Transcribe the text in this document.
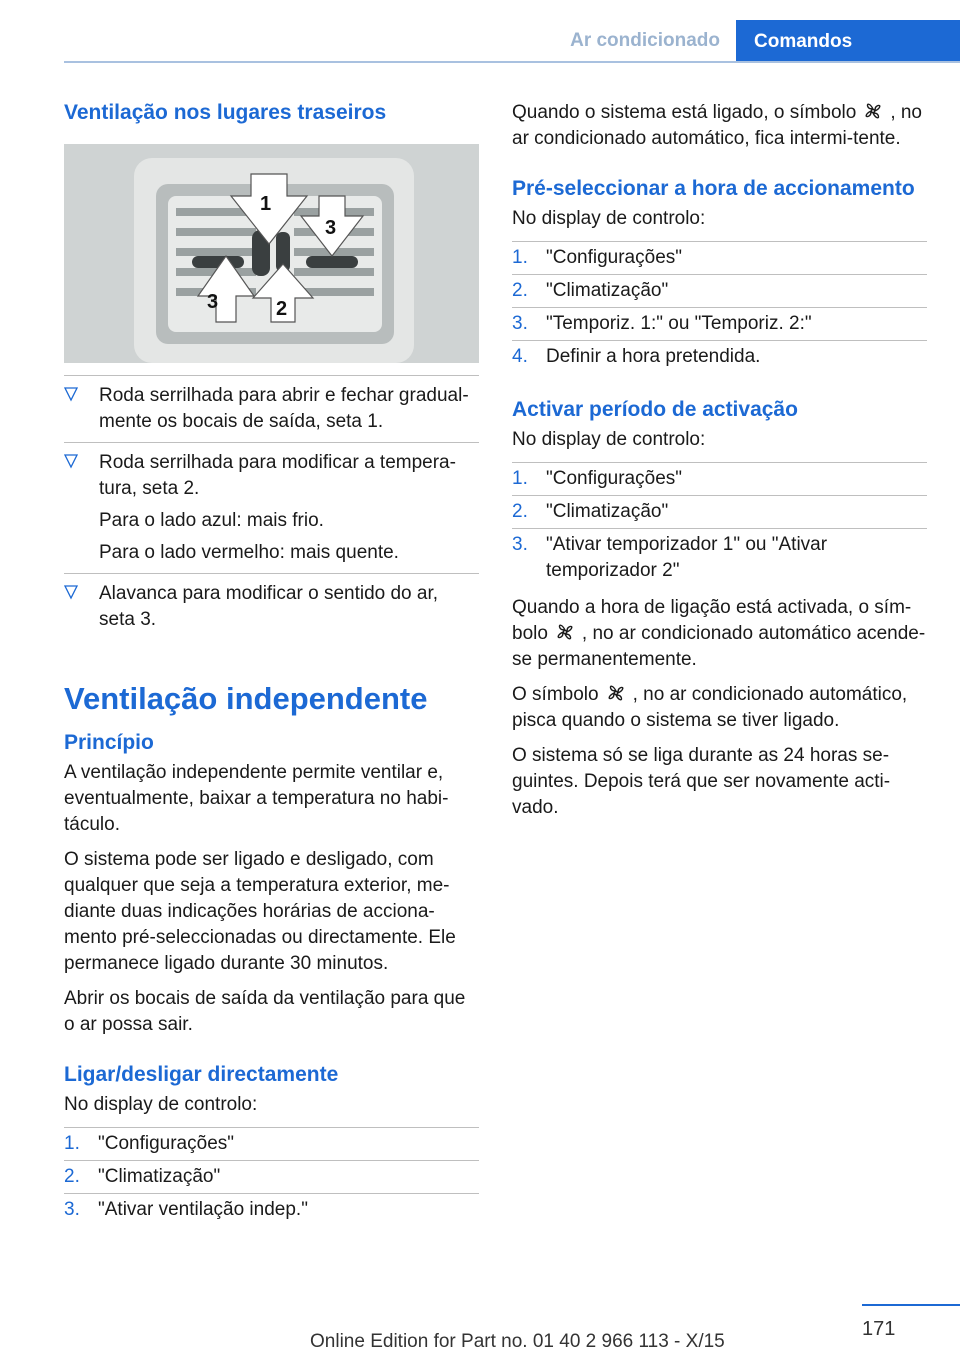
Ar condicionado	Comandos
Ventilação nos lugares traseiros
1
3
3	2

Roda serrilhada para abrir e fechar gradual‐mente os bocais de saída, seta 1.

Roda serrilhada para modificar a tempera‐tura, seta 2.

Para o lado azul: mais frio.

Para o lado vermelho: mais quente.

Alavanca para modificar o sentido do ar, seta 3.

Ventilação independente
Princípio

A ventilação independente permite ventilar e, eventualmente, baixar a temperatura no habi‐táculo.

O sistema pode ser ligado e desligado, com qualquer que seja a temperatura exterior, me‐diante duas indicações horárias de acciona‐mento pré-seleccionadas ou directamente. Ele permanece ligado durante 30 minutos.

Abrir os bocais de saída da ventilação para que o ar possa sair.

Ligar/desligar directamente

No display de controlo:

1. "Configurações"
2. "Climatização"
3. "Ativar ventilação indep."

Quando o sistema está ligado, o símbolo , no ar condicionado automático, fica intermi‐tente.

Pré-seleccionar a hora de accionamento

No display de controlo:

1. "Configurações"
2. "Climatização"
3. "Temporiz. 1:" ou "Temporiz. 2:"
4. Definir a hora pretendida.
Activar período de activação

No display de controlo:

1. "Configurações"
2. "Climatização"
3. "Ativar temporizador 1" ou "Ativar temporizador 2"

Quando a hora de ligação está activada, o sím‐bolo , no ar condicionado automático acende-se permanentemente.

O símbolo , no ar condicionado automático, pisca quando o sistema se tiver ligado.

O sistema só se liga durante as 24 horas se‐guintes. Depois terá que ser novamente acti‐vado.

171
Online Edition for Part no. 01 40 2 966 113 - X/15
